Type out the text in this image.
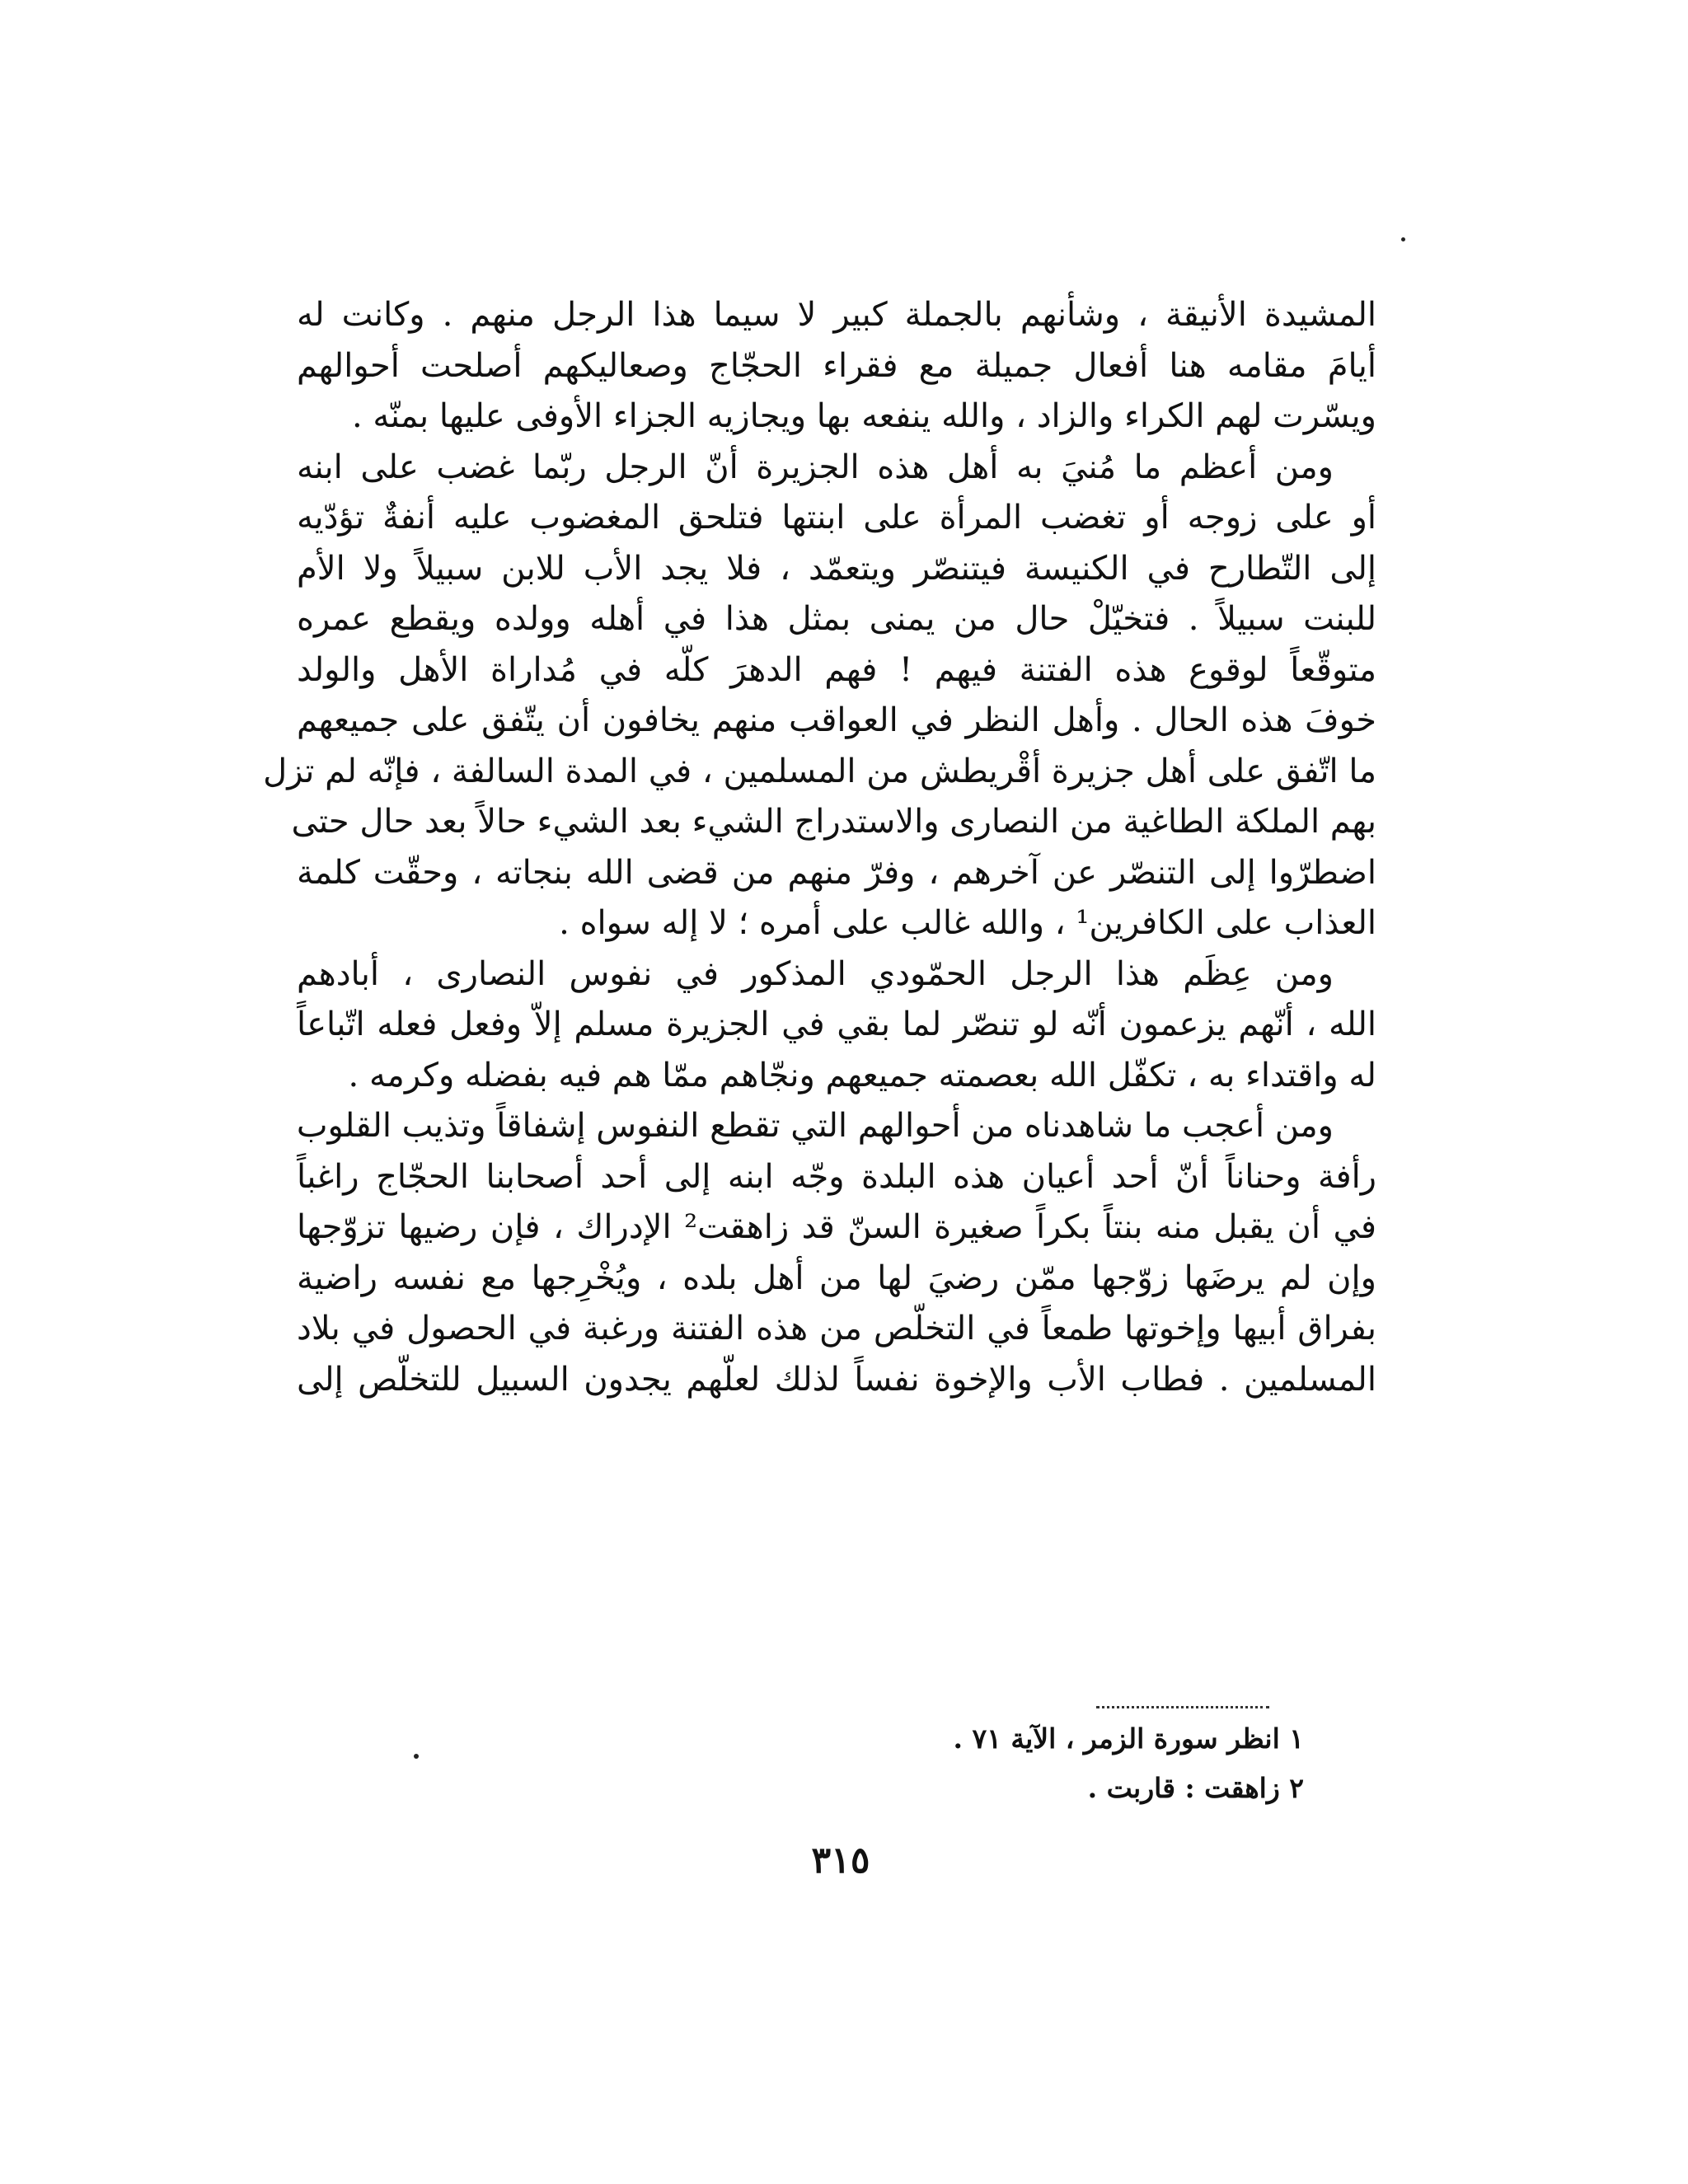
المشيدة الأنيقة ، وشأنهم بالجملة كبير لا سيما هذا الرجل منهم . وكانت له
أيامَ مقامه هنا أفعال جميلة مع فقراء الحجّاج وصعاليكهم أصلحت أحوالهم
ويسّرت لهم الكراء والزاد ، والله ينفعه بها ويجازيه الجزاء الأوفى عليها بمنّه .
ومن أعظم ما مُنيَ به أهل هذه الجزيرة أنّ الرجل ربّما غضب على ابنه
أو على زوجه أو تغضب المرأة على ابنتها فتلحق المغضوب عليه أنفةٌ تؤدّيه
إلى التّطارح في الكنيسة فيتنصّر ويتعمّد ، فلا يجد الأب للابن سبيلاً ولا الأم
للبنت سبيلاً . فتخيّلْ حال من يمنى بمثل هذا في أهله وولده ويقطع عمره
متوقّعاً لوقوع هذه الفتنة فيهم ! فهم الدهرَ كلّه في مُداراة الأهل والولد
خوفَ هذه الحال . وأهل النظر في العواقب منهم يخافون أن يتّفق على جميعهم
ما اتّفق على أهل جزيرة أقْريطش من المسلمين ، في المدة السالفة ، فإنّه لم تزل
بهم الملكة الطاغية من النصارى والاستدراج الشيء بعد الشيء حالاً بعد حال حتى
اضطرّوا إلى التنصّر عن آخرهم ، وفرّ منهم من قضى الله بنجاته ، وحقّت كلمة
العذاب على الكافرين¹ ، والله غالب على أمره ؛ لا إله سواه .
ومن عِظَم هذا الرجل الحمّودي المذكور في نفوس النصارى ، أبادهم
الله ، أنّهم يزعمون أنّه لو تنصّر لما بقي في الجزيرة مسلم إلاّ وفعل فعله اتّباعاً
له واقتداء به ، تكفّل الله بعصمته جميعهم ونجّاهم ممّا هم فيه بفضله وكرمه .
ومن أعجب ما شاهدناه من أحوالهم التي تقطع النفوس إشفاقاً وتذيب القلوب
رأفة وحناناً أنّ أحد أعيان هذه البلدة وجّه ابنه إلى أحد أصحابنا الحجّاج راغباً
في أن يقبل منه بنتاً بكراً صغيرة السنّ قد زاهقت² الإدراك ، فإن رضيها تزوّجها
وإن لم يرضَها زوّجها ممّن رضيَ لها من أهل بلده ، ويُخْرِجها مع نفسه راضية
بفراق أبيها وإخوتها طمعاً في التخلّص من هذه الفتنة ورغبة في الحصول في بلاد
المسلمين . فطاب الأب والإخوة نفساً لذلك لعلّهم يجدون السبيل للتخلّص إلى
١ انظر سورة الزمر ، الآية ٧١ .
٢ زاهقت : قاربت .
٣١٥
